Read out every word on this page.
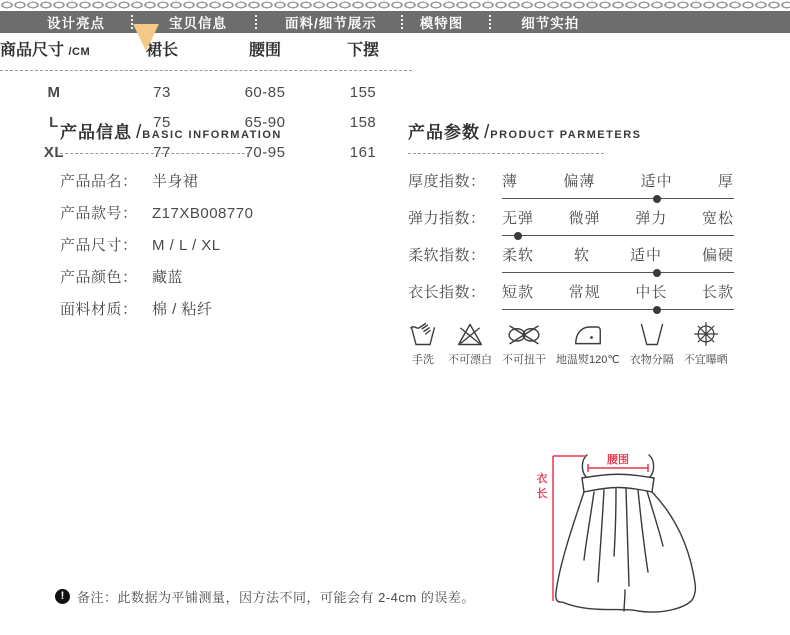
设计亮点	宝贝信息	面料/细节展示	模特图	细节实拍
产品信息 /BASIC INFORMATION
产品品名： 半身裙
产品款号： Z17XB008770
产品尺寸： M / L / XL
产品颜色： 藏蓝
面料材质： 棉 / 粘纤
产品参数 /PRODUCT PARMETERS
厚度指数： 薄	偏薄	适中	厚
弹力指数： 无弹 微弹 弹力 宽松
柔软指数： 柔软	软	适中	偏硬
衣长指数： 短款 常规 中长 长款
手洗 不可漂白 不可扭干 地温熨120℃ 衣物分隔 不宜曝晒
商品尺寸 /CM	裙长	腰围	下摆
M	73	60-85	155
L	75	65-90	158
XL	77	70-95	161
! 备注：此数据为平铺测量，因方法不同，可能会有 2-4cm 的误差。
腰围
衣
长
